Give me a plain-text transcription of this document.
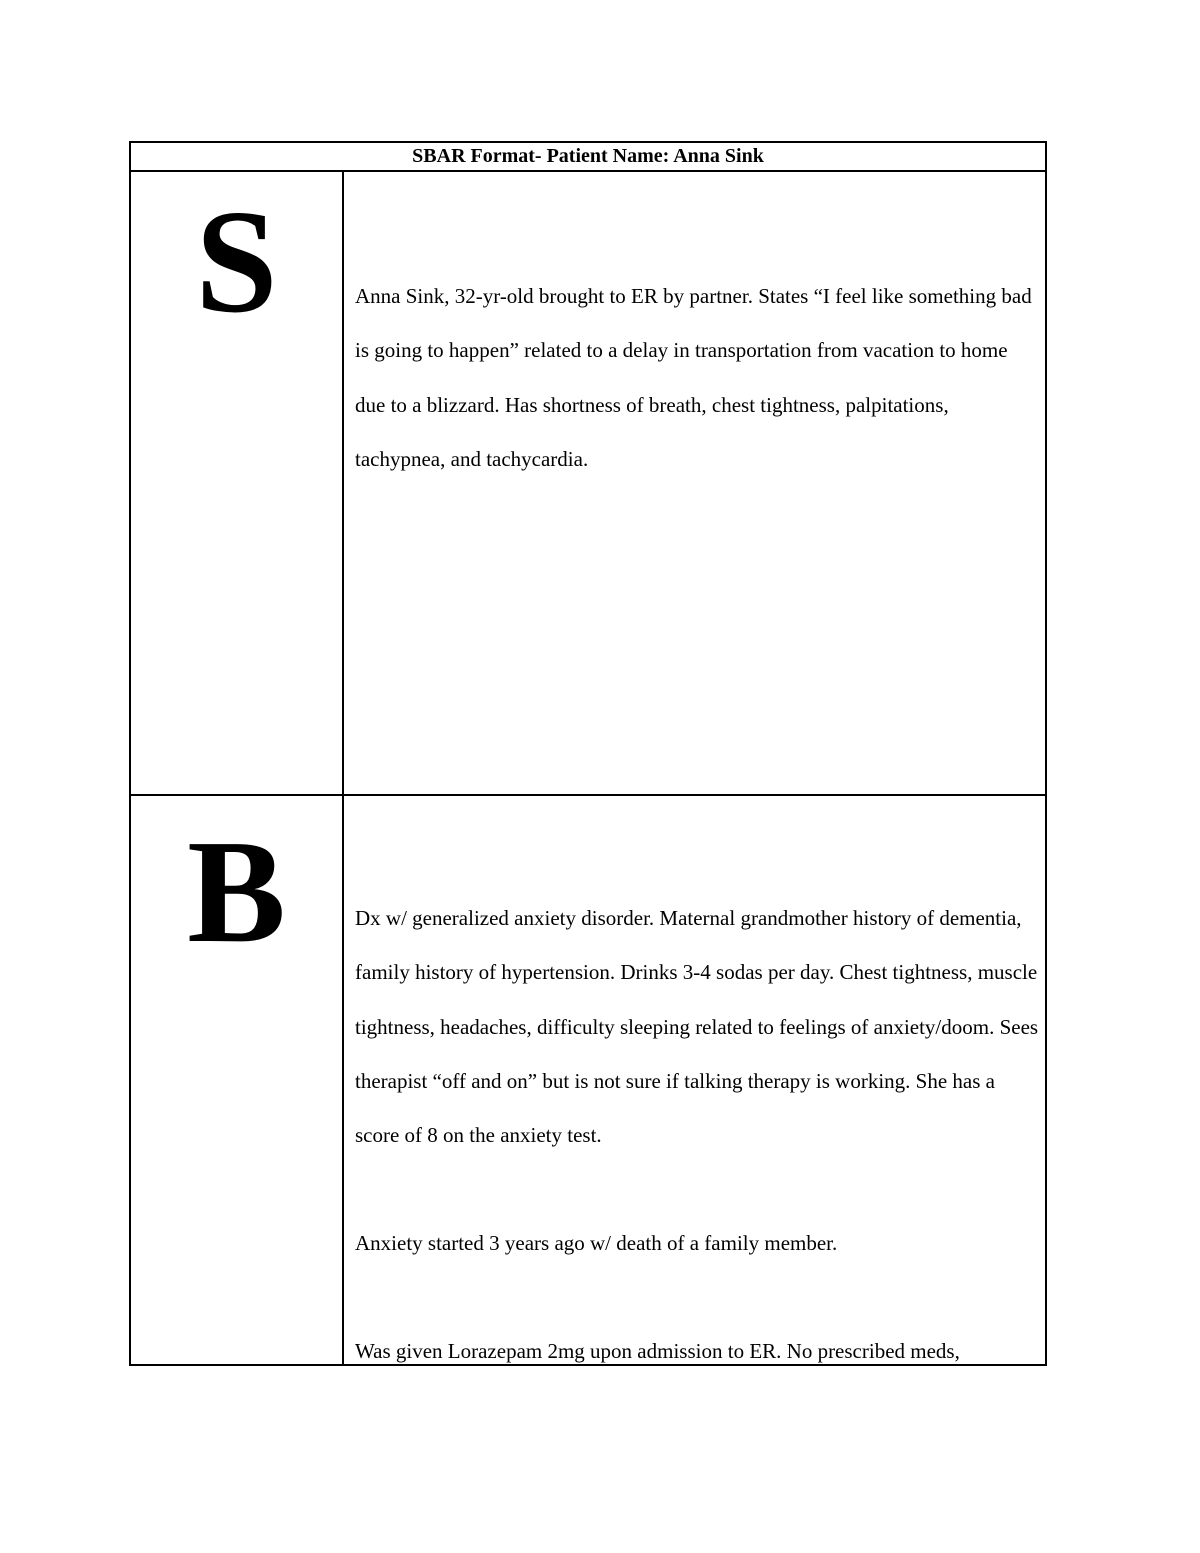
SBAR Format- Patient Name: Anna Sink
S	Anna Sink, 32-yr-old brought to ER by partner. States “I feel like something bad is going to happen” related to a delay in transportation from vacation to home due to a blizzard. Has shortness of breath, chest tightness, palpitations, tachypnea, and tachycardia.

B	Dx w/ generalized anxiety disorder. Maternal grandmother history of dementia, family history of hypertension. Drinks 3-4 sodas per day. Chest tightness, muscle tightness, headaches, difficulty sleeping related to feelings of anxiety/doom. Sees therapist “off and on” but is not sure if talking therapy is working. She has a score of 8 on the anxiety test.

Anxiety started 3 years ago w/ death of a family member.

Was given Lorazepam 2mg upon admission to ER. No prescribed meds,
